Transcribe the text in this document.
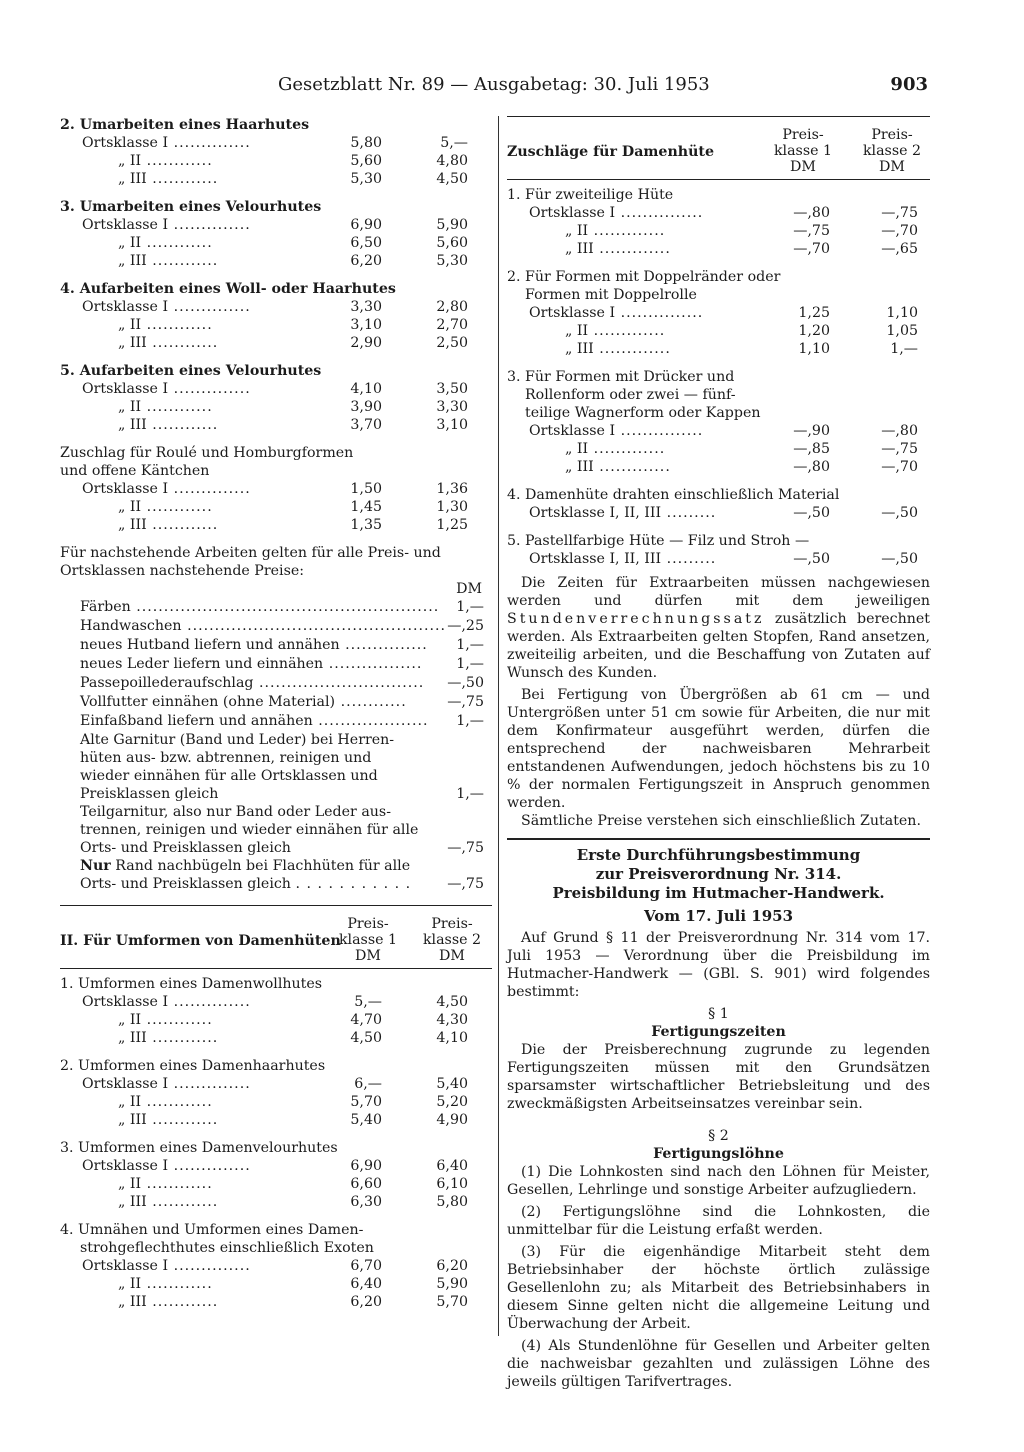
Gesetzblatt Nr. 89 — Ausgabetag: 30. Juli 1953	903
2. Umarbeiten eines Haarhutes
Ortsklasse I ..............	5,80	5,—
„ II ............	5,60	4,80
„ III ............	5,30	4,50
3. Umarbeiten eines Velourhutes
Ortsklasse I ..............	6,90	5,90
„ II ............	6,50	5,60
„ III ............	6,20	5,30
4. Aufarbeiten eines Woll- oder Haarhutes
Ortsklasse I ..............	3,30	2,80
„ II ............	3,10	2,70
„ III ............	2,90	2,50
5. Aufarbeiten eines Velourhutes
Ortsklasse I ..............	4,10	3,50
„ II ............	3,90	3,30
„ III ............	3,70	3,10
Zuschlag für Roulé und Homburgformen
und offene Käntchen
Ortsklasse I ..............	1,50	1,36
„ II ............	1,45	1,30
„ III ............	1,35	1,25
Für nachstehende Arbeiten gelten für alle Preis- und
Ortsklassen nachstehende Preise:
DM
Färben ....................................................... 1,—
Handwaschen ............................................... —,25
neues Hutband liefern und annähen ............... 1,—
neues Leder liefern und einnähen ................. 1,—
Passepoillederaufschlag .............................. —,50
Vollfutter einnähen (ohne Material) ............	—,75
Einfaßband liefern und annähen .................... 1,—
Alte Garnitur (Band und Leder) bei Herren-
hüten aus- bzw. abtrennen, reinigen und
wieder einnähen für alle Ortsklassen und
Preisklassen gleich	1,—
Teilgarnitur, also nur Band oder Leder aus-
trennen, reinigen und wieder einnähen für alle
Orts- und Preisklassen gleich	—,75
Nur Rand nachbügeln bei Flachhüten für alle
Orts- und Preisklassen gleich . . . . . . . . . . .	—,75
II. Für Umformen von Damenhüten
Preis-
klasse 1
DM
Preis-
klasse 2
DM
1. Umformen eines Damenwollhutes
Ortsklasse I ..............	5,—	4,50
„ II ............	4,70	4,30
„ III ............	4,50	4,10
2. Umformen eines Damenhaarhutes
Ortsklasse I ..............	6,—	5,40
„ II ............	5,70	5,20
„ III ............	5,40	4,90
3. Umformen eines Damenvelourhutes
Ortsklasse I ..............	6,90	6,40
„ II ............	6,60	6,10
„ III ............	6,30	5,80
4. Umnähen und Umformen eines Damen-
strohgeflechthutes einschließlich Exoten
Ortsklasse I ..............	6,70	6,20
„ II ............	6,40	5,90
„ III ............	6,20	5,70
Zuschläge für Damenhüte
Preis-
klasse 1
DM
Preis-
klasse 2
DM
1. Für zweiteilige Hüte
Ortsklasse I ...............	—,80	—,75
„ II .............	—,75	—,70
„ III .............	—,70	—,65
2. Für Formen mit Doppelränder oder
Formen mit Doppelrolle
Ortsklasse I ...............	1,25	1,10
„ II .............	1,20	1,05
„ III .............	1,10	1,—
3. Für Formen mit Drücker und
Rollenform oder zwei — fünf-
teilige Wagnerform oder Kappen
Ortsklasse I ...............	—,90	—,80
„ II .............	—,85	—,75
„ III .............	—,80	—,70
4. Damenhüte drahten einschließlich Material
Ortsklasse I, II, III .........	—,50	—,50
5. Pastellfarbige Hüte — Filz und Stroh —
Ortsklasse I, II, III .........	—,50	—,50

Die Zeiten für Extraarbeiten müssen nachgewiesen werden und dürfen mit dem jeweiligen Stundenverrechnungssatz zusätzlich berechnet werden. Als Extraarbeiten gelten Stopfen, Rand ansetzen, zweiteilig arbeiten, und die Beschaffung von Zutaten auf Wunsch des Kunden.

Bei Fertigung von Übergrößen ab 61 cm — und Untergrößen unter 51 cm sowie für Arbeiten, die nur mit dem Konfirmateur ausgeführt werden, dürfen die entsprechend der nachweisbaren Mehrarbeit entstandenen Aufwendungen, jedoch höchstens bis zu 10 % der normalen Fertigungszeit in Anspruch genommen werden.

Sämtliche Preise verstehen sich einschließlich Zutaten.

Erste Durchführungsbestimmung
zur Preisverordnung Nr. 314.
Preisbildung im Hutmacher-Handwerk.
Vom 17. Juli 1953

Auf Grund § 11 der Preisverordnung Nr. 314 vom 17. Juli 1953 — Verordnung über die Preisbildung im Hutmacher-Handwerk — (GBl. S. 901) wird folgendes bestimmt:

§ 1
Fertigungszeiten

Die der Preisberechnung zugrunde zu legenden Fertigungszeiten müssen mit den Grundsätzen sparsamster wirtschaftlicher Betriebsleitung und des zweckmäßigsten Arbeitseinsatzes vereinbar sein.

§ 2
Fertigungslöhne

(1) Die Lohnkosten sind nach den Löhnen für Meister, Gesellen, Lehrlinge und sonstige Arbeiter aufzugliedern.

(2) Fertigungslöhne sind die Lohnkosten, die unmittelbar für die Leistung erfaßt werden.

(3) Für die eigenhändige Mitarbeit steht dem Betriebsinhaber der höchste örtlich zulässige Gesellenlohn zu; als Mitarbeit des Betriebsinhabers in diesem Sinne gelten nicht die allgemeine Leitung und Überwachung der Arbeit.

(4) Als Stundenlöhne für Gesellen und Arbeiter gelten die nachweisbar gezahlten und zulässigen Löhne des jeweils gültigen Tarifvertrages.
